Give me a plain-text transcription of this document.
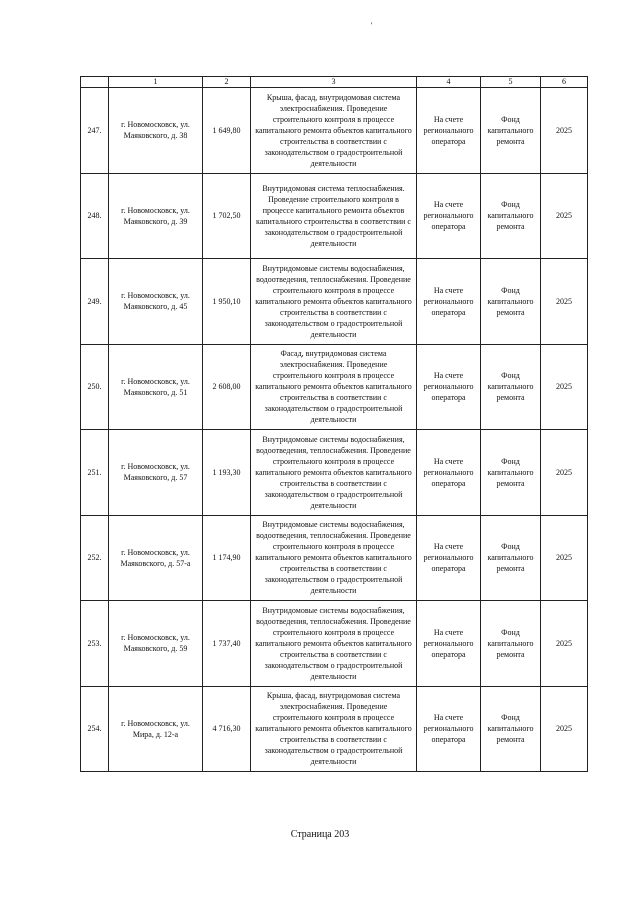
'
	1	2	3	4	5	6
247.	г. Новомосковск, ул. Маяковского, д. 38	1 649,80	Крыша, фасад, внутридомовая система электроснабжения. Проведение строительного контроля в процессе капитального ремонта объектов капитального строительства в соответствии с законодательством о градостроительной деятельности	На счете регионального оператора	Фонд капитального ремонта	2025
248.	г. Новомосковск, ул. Маяковского, д. 39	1 702,50	Внутридомовая система теплоснабжения. Проведение строительного контроля в процессе капитального ремонта объектов капитального строительства в соответствии с законодательством о градостроительной деятельности	На счете регионального оператора	Фонд капитального ремонта	2025
249.	г. Новомосковск, ул. Маяковского, д. 45	1 950,10	Внутридомовые системы водоснабжения, водоотведения, теплоснабжения. Проведение строительного контроля в процессе капитального ремонта объектов капитального строительства в соответствии с законодательством о градостроительной деятельности	На счете регионального оператора	Фонд капитального ремонта	2025
250.	г. Новомосковск, ул. Маяковского, д. 51	2 608,00	Фасад, внутридомовая система электроснабжения. Проведение строительного контроля в процессе капитального ремонта объектов капитального строительства в соответствии с законодательством о градостроительной деятельности	На счете регионального оператора	Фонд капитального ремонта	2025
251.	г. Новомосковск, ул. Маяковского, д. 57	1 193,30	Внутридомовые системы водоснабжения, водоотведения, теплоснабжения. Проведение строительного контроля в процессе капитального ремонта объектов капитального строительства в соответствии с законодательством о градостроительной деятельности	На счете регионального оператора	Фонд капитального ремонта	2025
252.	г. Новомосковск, ул. Маяковского, д. 57-а	1 174,90	Внутридомовые системы водоснабжения, водоотведения, теплоснабжения. Проведение строительного контроля в процессе капитального ремонта объектов капитального строительства в соответствии с законодательством о градостроительной деятельности	На счете регионального оператора	Фонд капитального ремонта	2025
253.	г. Новомосковск, ул. Маяковского, д. 59	1 737,40	Внутридомовые системы водоснабжения, водоотведения, теплоснабжения. Проведение строительного контроля в процессе капитального ремонта объектов капитального строительства в соответствии с законодательством о градостроительной деятельности	На счете регионального оператора	Фонд капитального ремонта	2025
254.	г. Новомосковск, ул. Мира, д. 12-а	4 716,30	Крыша, фасад, внутридомовая система электроснабжения. Проведение строительного контроля в процессе капитального ремонта объектов капитального строительства в соответствии с законодательством о градостроительной деятельности	На счете регионального оператора	Фонд капитального ремонта	2025
Страница 203
